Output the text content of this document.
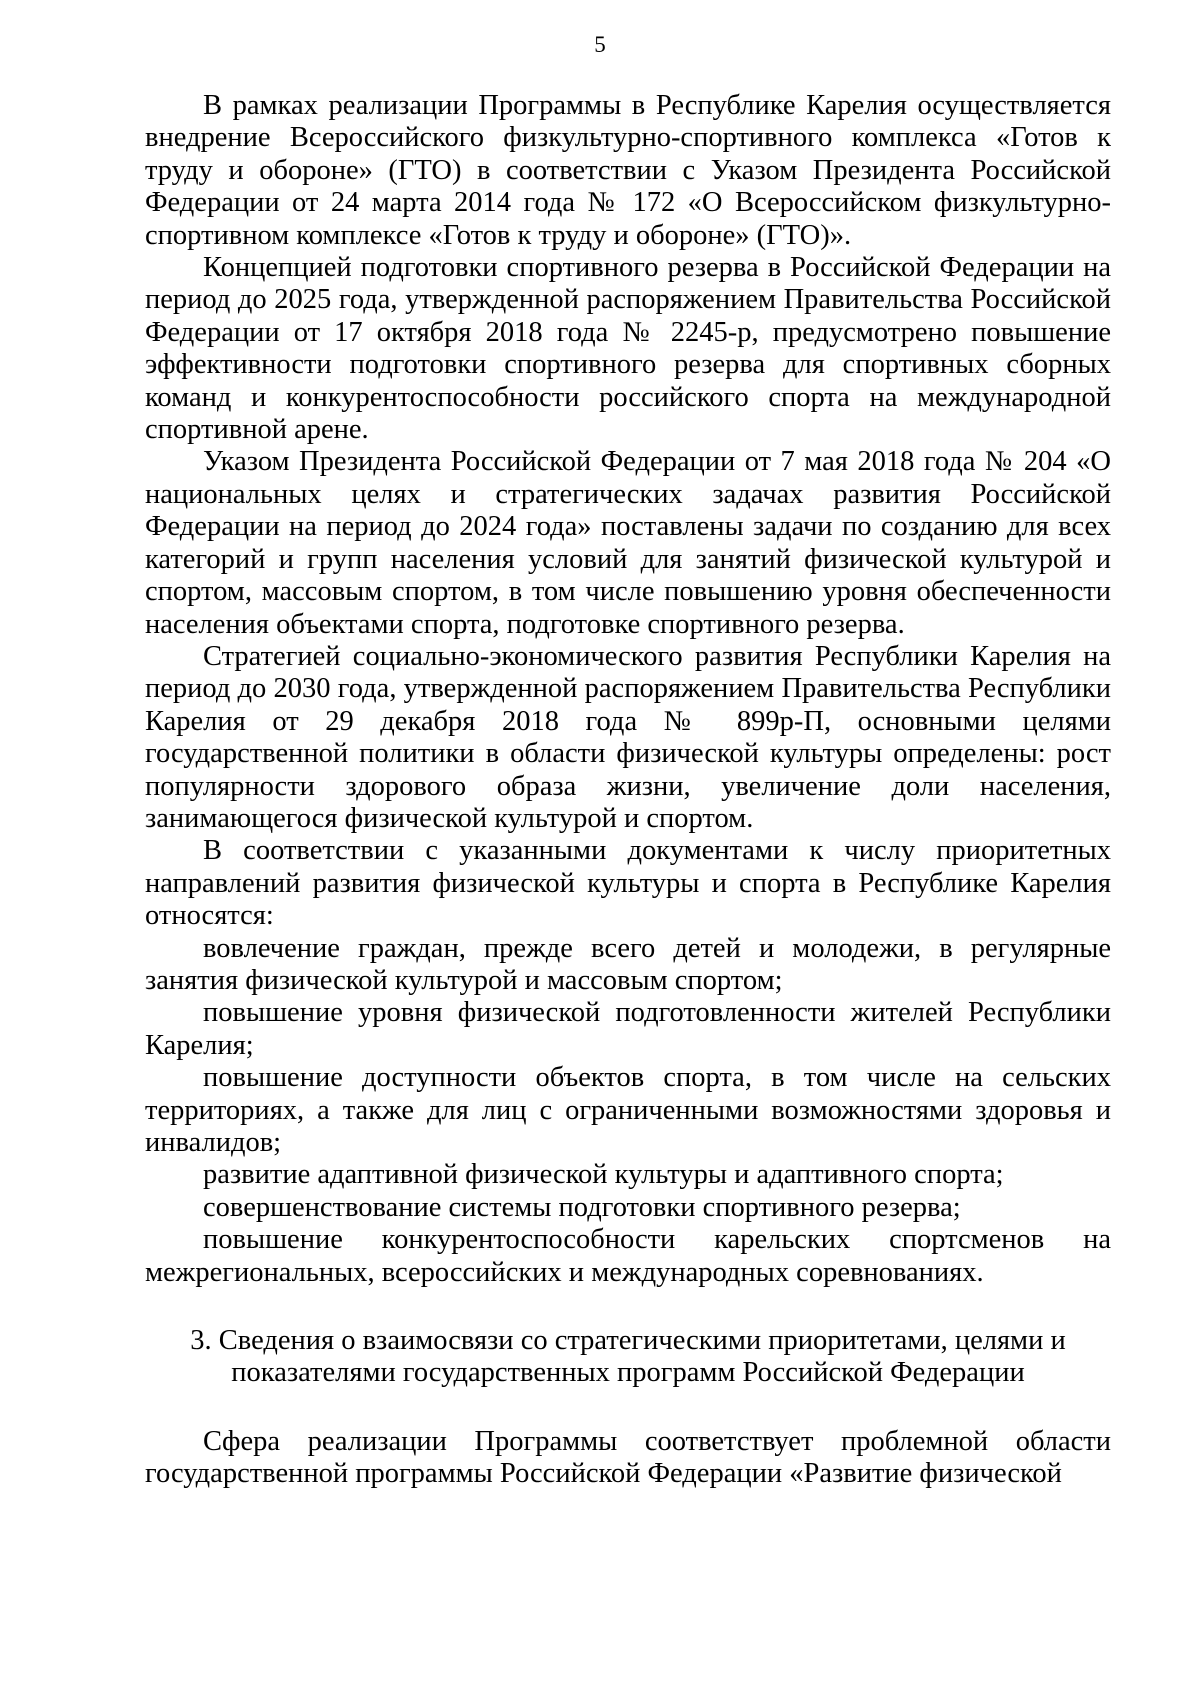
5

В рамках реализации Программы в Республике Карелия осуществляется внедрение Всероссийского физкультурно-спортивного комплекса «Готов к труду и обороне» (ГТО) в соответствии с Указом Президента Российской Федерации от 24 марта 2014 года № 172 «О Всероссийском физкультурно-спортивном комплексе «Готов к труду и обороне» (ГТО)».

Концепцией подготовки спортивного резерва в Российской Федерации на период до 2025 года, утвержденной распоряжением Правительства Российской Федерации от 17 октября 2018 года № 2245-р, предусмотрено повышение эффективности подготовки спортивного резерва для спортивных сборных команд и конкурентоспособности российского спорта на международной спортивной арене.

Указом Президента Российской Федерации от 7 мая 2018 года № 204 «О национальных целях и стратегических задачах развития Российской Федерации на период до 2024 года» поставлены задачи по созданию для всех категорий и групп населения условий для занятий физической культурой и спортом, массовым спортом, в том числе повышению уровня обеспеченности населения объектами спорта, подготовке спортивного резерва.

Стратегией социально-экономического развития Республики Карелия на период до 2030 года, утвержденной распоряжением Правительства Республики Карелия от 29 декабря 2018 года № 899р-П, основными целями государственной политики в области физической культуры определены: рост популярности здорового образа жизни, увеличение доли населения, занимающегося физической культурой и спортом.

В соответствии с указанными документами к числу приоритетных направлений развития физической культуры и спорта в Республике Карелия относятся:

вовлечение граждан, прежде всего детей и молодежи, в регулярные занятия физической культурой и массовым спортом;

повышение уровня физической подготовленности жителей Республики Карелия;

повышение доступности объектов спорта, в том числе на сельских территориях, а также для лиц с ограниченными возможностями здоровья и инвалидов;

развитие адаптивной физической культуры и адаптивного спорта;

совершенствование системы подготовки спортивного резерва;

повышение конкурентоспособности карельских спортсменов на межрегиональных, всероссийских и международных соревнованиях.

3. Сведения о взаимосвязи со стратегическими приоритетами, целями и
показателями государственных программ Российской Федерации

Сфера реализации Программы соответствует проблемной области государственной программы Российской Федерации «Развитие физической
